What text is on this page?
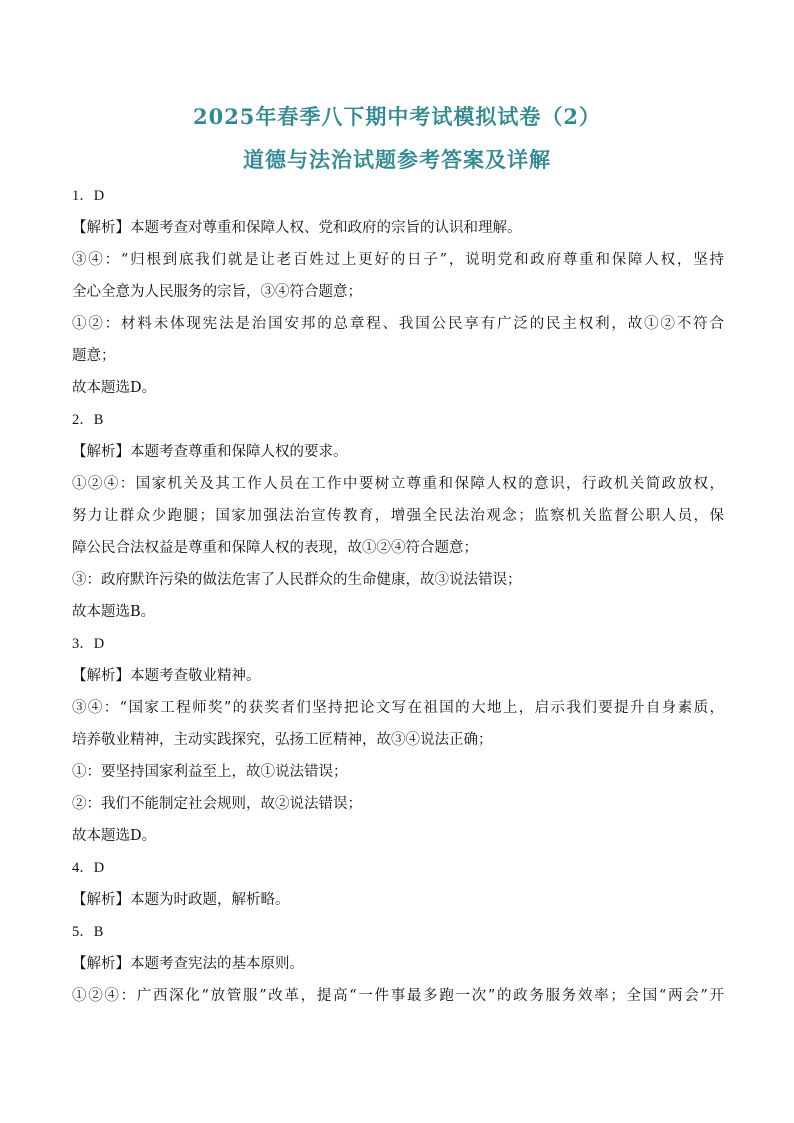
2025年春季八下期中考试模拟试卷（2）
道德与法治试题参考答案及详解
1．D
【解析】本题考查对尊重和保障人权、党和政府的宗旨的认识和理解。
③④：“归根到底我们就是让老百姓过上更好的日子”，说明党和政府尊重和保障人权，坚持
全心全意为人民服务的宗旨，③④符合题意；
①②：材料未体现宪法是治国安邦的总章程、我国公民享有广泛的民主权利，故①②不符合
题意；
故本题选D。
2．B
【解析】本题考查尊重和保障人权的要求。
①②④：国家机关及其工作人员在工作中要树立尊重和保障人权的意识，行政机关简政放权，
努力让群众少跑腿；国家加强法治宣传教育，增强全民法治观念；监察机关监督公职人员，保
障公民合法权益是尊重和保障人权的表现，故①②④符合题意；
③：政府默许污染的做法危害了人民群众的生命健康，故③说法错误；
故本题选B。
3．D
【解析】本题考查敬业精神。
③④：“国家工程师奖”的获奖者们坚持把论文写在祖国的大地上，启示我们要提升自身素质，
培养敬业精神，主动实践探究，弘扬工匠精神，故③④说法正确；
①：要坚持国家利益至上，故①说法错误；
②：我们不能制定社会规则，故②说法错误；
故本题选D。
4．D
【解析】本题为时政题，解析略。
5．B
【解析】本题考查宪法的基本原则。
①②④：广西深化“放管服”改革，提高“一件事最多跑一次”的政务服务效率；全国“两会”开
